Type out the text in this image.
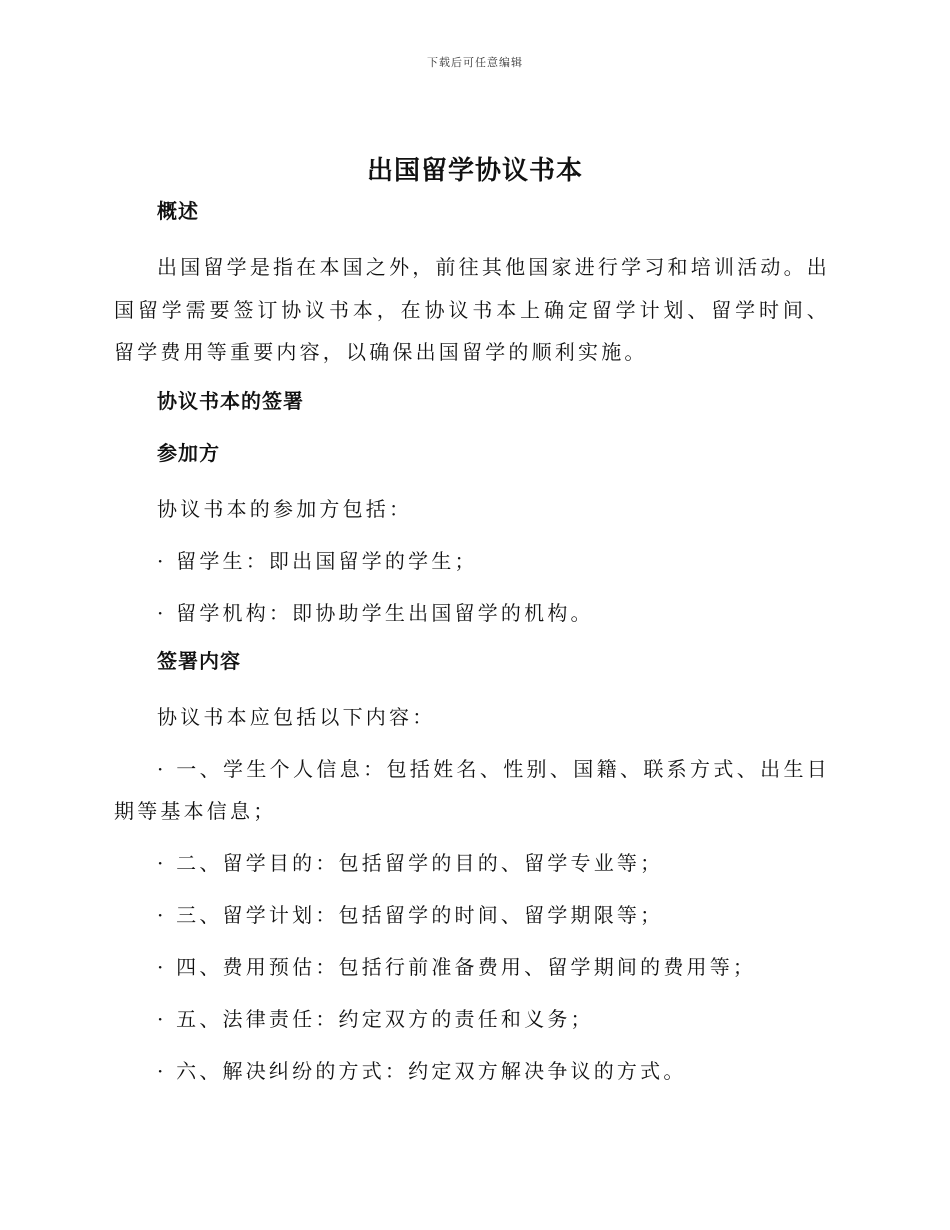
下载后可任意编辑
出国留学协议书本
概述

出国留学是指在本国之外，前往其他国家进行学习和培训活动。出国留学需要签订协议书本，在协议书本上确定留学计划、留学时间、留学费用等重要内容，以确保出国留学的顺利实施。

协议书本的签署
参加方

协议书本的参加方包括：

· 留学生：即出国留学的学生；

· 留学机构：即协助学生出国留学的机构。

签署内容

协议书本应包括以下内容：

· 一、学生个人信息：包括姓名、性别、国籍、联系方式、出生日期等基本信息；

· 二、留学目的：包括留学的目的、留学专业等；

· 三、留学计划：包括留学的时间、留学期限等；

· 四、费用预估：包括行前准备费用、留学期间的费用等；

· 五、法律责任：约定双方的责任和义务；

· 六、解决纠纷的方式：约定双方解决争议的方式。
